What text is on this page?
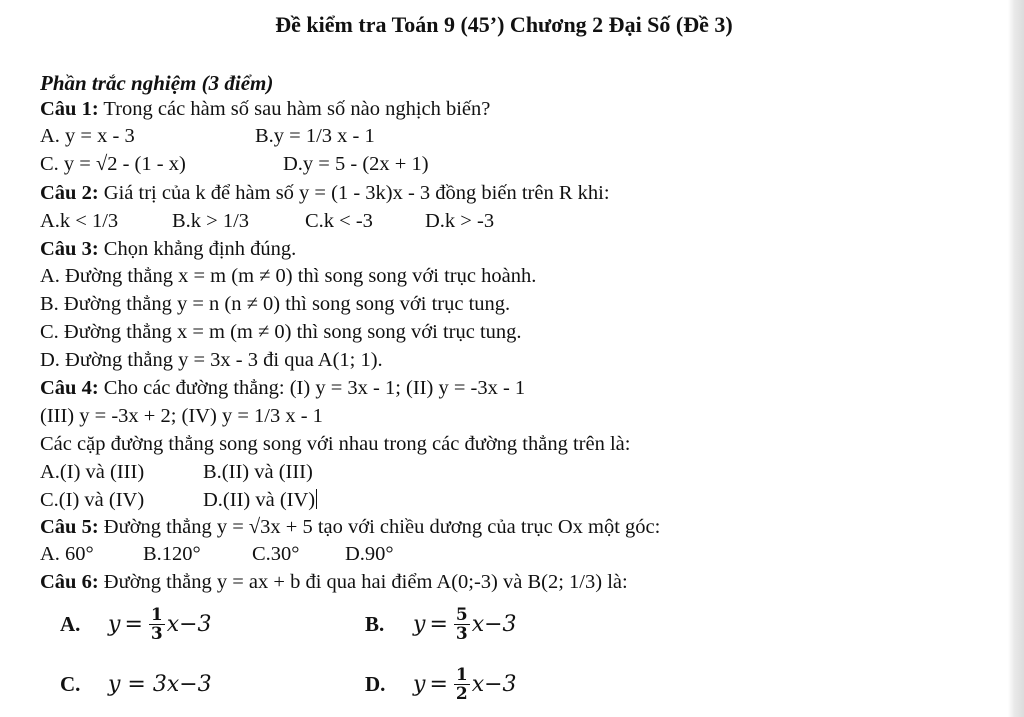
Đề kiểm tra Toán 9 (45’) Chương 2 Đại Số (Đề 3)
Phần trắc nghiệm (3 điểm)
Câu 1: Trong các hàm số sau hàm số nào nghịch biến?
A. y = x - 3	B.y = 1/3 x - 1
C. y = √2 - (1 - x)	D.y = 5 - (2x + 1)
Câu 2: Giá trị của k để hàm số y = (1 - 3k)x - 3 đồng biến trên R khi:
A.k < 1/3	B.k > 1/3	C.k < -3	D.k > -3
Câu 3: Chọn khẳng định đúng.
A. Đường thẳng x = m (m ≠ 0) thì song song với trục hoành.
B. Đường thẳng y = n (n ≠ 0) thì song song với trục tung.
C. Đường thẳng x = m (m ≠ 0) thì song song với trục tung.
D. Đường thẳng y = 3x - 3 đi qua A(1; 1).
Câu 4: Cho các đường thẳng: (I) y = 3x - 1; (II) y = -3x - 1
(III) y = -3x + 2; (IV) y = 1/3 x - 1
Các cặp đường thẳng song song với nhau trong các đường thẳng trên là:
A.(I) và (III)	B.(II) và (III)
C.(I) và (IV)	D.(II) và (IV)
Câu 5: Đường thẳng y = √3x + 5 tạo với chiều dương của trục Ox một góc:
A. 60° B.120°	C.30° D.90°
Câu 6: Đường thẳng y = ax + b đi qua hai điểm A(0;-3) và B(2; 1/3) là:
A.	$y = \frac{1}{3} x-3$	B.	$y = \frac{5}{3} x-3$
C.	y = 3x−3	D.	$y = \frac{1}{2} x-3$
